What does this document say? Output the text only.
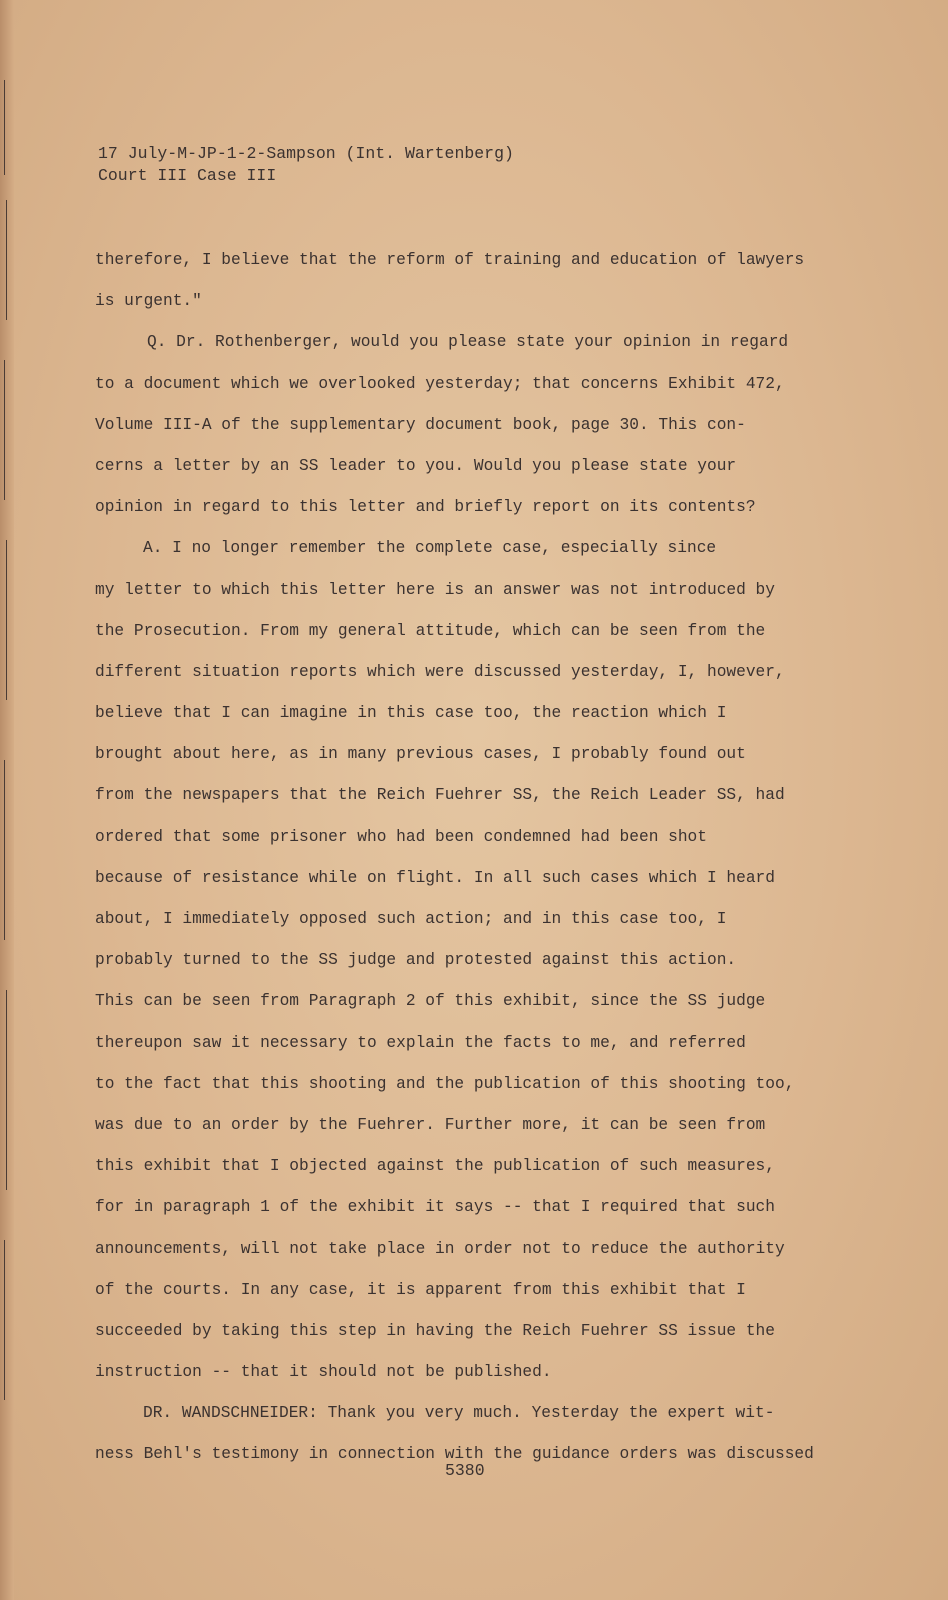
17 July-M-JP-1-2-Sampson (Int. Wartenberg)
Court III Case III
therefore, I believe that the reform of training and education of lawyers
is urgent."
Q. Dr. Rothenberger, would you please state your opinion in regard
to a document which we overlooked yesterday; that concerns Exhibit 472,
Volume III-A of the supplementary document book, page 30. This con-
cerns a letter by an SS leader to you. Would you please state your
opinion in regard to this letter and briefly report on its contents?
A. I no longer remember the complete case, especially since
my letter to which this letter here is an answer was not introduced by
the Prosecution. From my general attitude, which can be seen from the
different situation reports which were discussed yesterday, I, however,
believe that I can imagine in this case too, the reaction which I
brought about here, as in many previous cases, I probably found out
from the newspapers that the Reich Fuehrer SS, the Reich Leader SS, had
ordered that some prisoner who had been condemned had been shot
because of resistance while on flight. In all such cases which I heard
about, I immediately opposed such action; and in this case too, I
probably turned to the SS judge and protested against this action.
This can be seen from Paragraph 2 of this exhibit, since the SS judge
thereupon saw it necessary to explain the facts to me, and referred
to the fact that this shooting and the publication of this shooting too,
was due to an order by the Fuehrer. Further more, it can be seen from
this exhibit that I objected against the publication of such measures,
for in paragraph 1 of the exhibit it says -- that I required that such
announcements, will not take place in order not to reduce the authority
of the courts. In any case, it is apparent from this exhibit that I
succeeded by taking this step in having the Reich Fuehrer SS issue the
instruction -- that it should not be published.
DR. WANDSCHNEIDER: Thank you very much. Yesterday the expert wit-
ness Behl's testimony in connection with the guidance orders was discussed
5380
